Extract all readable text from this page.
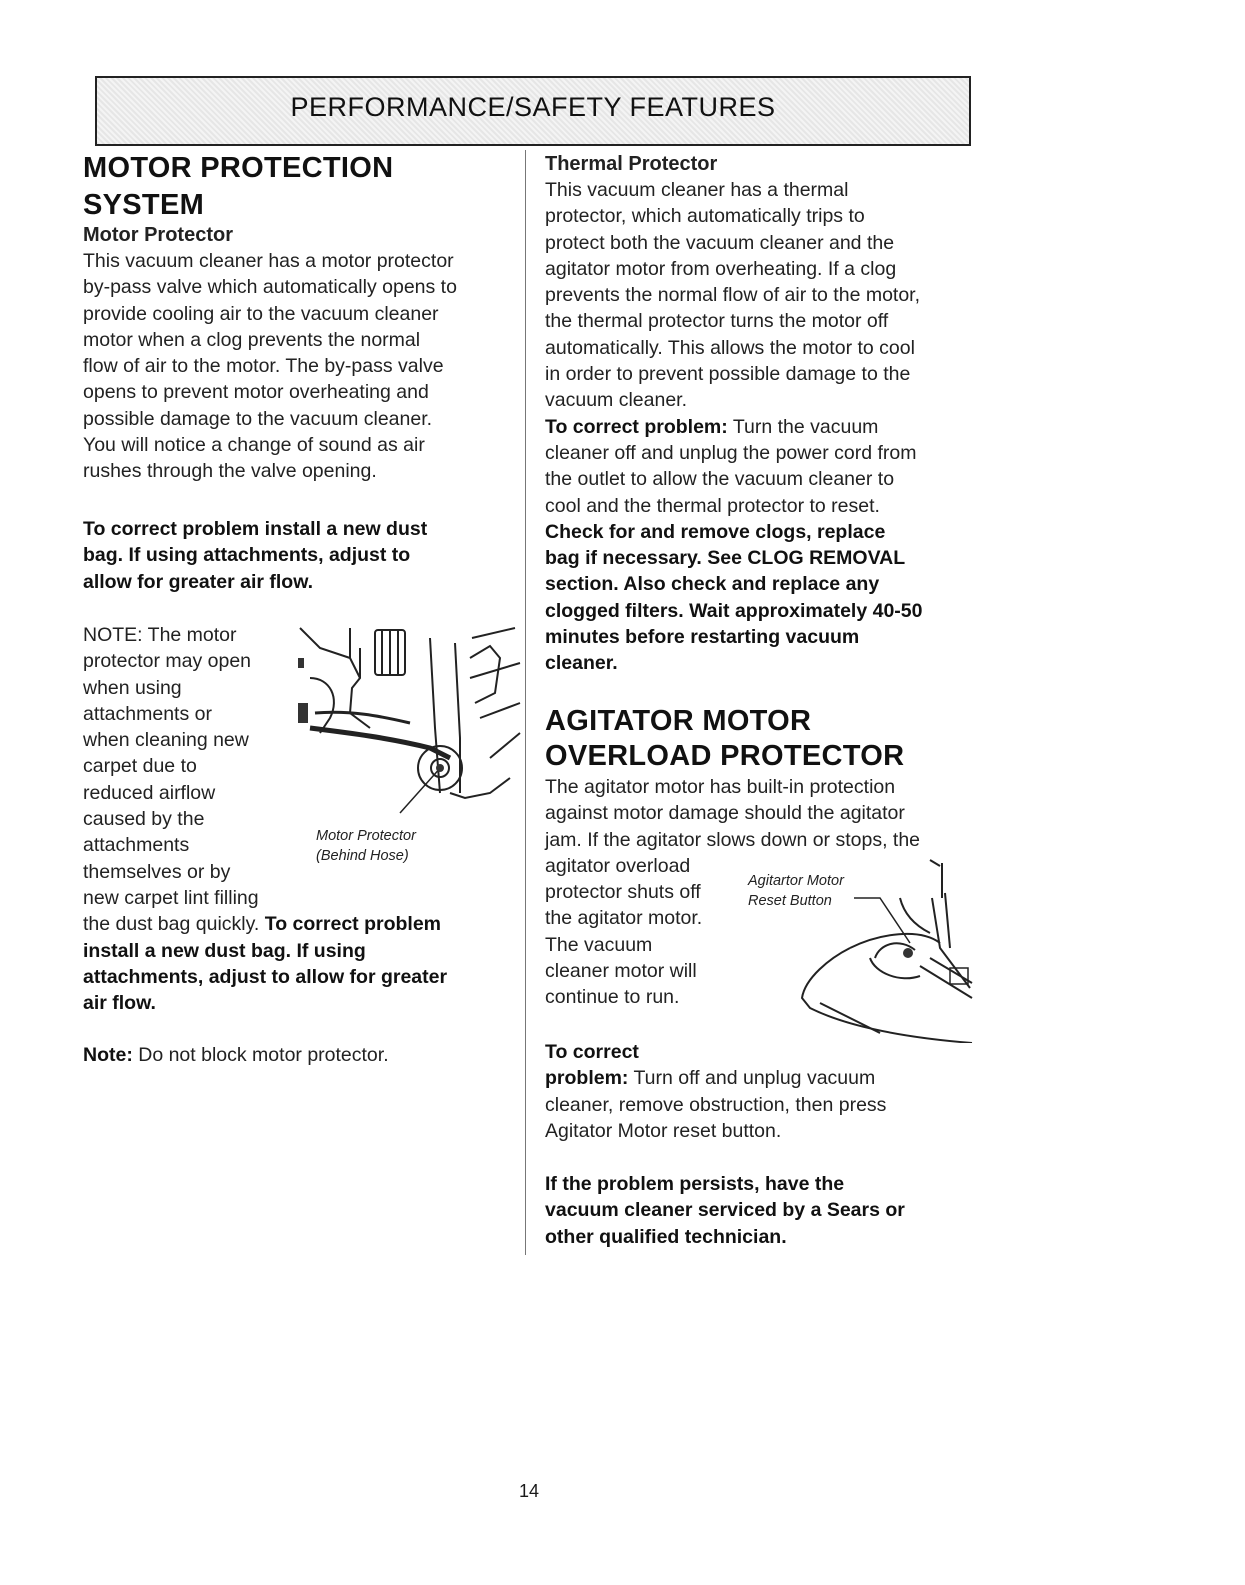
PERFORMANCE/SAFETY FEATURES
MOTOR PROTECTION
SYSTEM
Motor Protector
This vacuum cleaner has a motor protector
by-pass valve which automatically opens to
provide cooling air to the vacuum cleaner
motor when a clog prevents the normal
flow of air to the motor. The by-pass valve
opens to prevent motor overheating and
possible damage to the vacuum cleaner.
You will notice a change of sound as air
rushes through the valve opening.
To correct problem install a new dust
bag. If using attachments, adjust to
allow for greater air flow.
NOTE: The motor
protector may open
when using
attachments or
when cleaning new
carpet due to
reduced airflow
caused by the
attachments
themselves or by
new carpet lint filling
the dust bag quickly. To correct problem
install a new dust bag. If using
attachments, adjust to allow for greater
air flow.
Motor Protector
(Behind Hose)
Note: Do not block motor protector.
Thermal Protector
This vacuum cleaner has a thermal
protector, which automatically trips to
protect both the vacuum cleaner and the
agitator motor from overheating. If a clog
prevents the normal flow of air to the motor,
the thermal protector turns the motor off
automatically. This allows the motor to cool
in order to prevent possible damage to the
vacuum cleaner.
To correct problem: Turn the vacuum
cleaner off and unplug the power cord from
the outlet to allow the vacuum cleaner to
cool and the thermal protector to reset.
Check for and remove clogs, replace
bag if necessary. See CLOG REMOVAL
section. Also check and replace any
clogged filters. Wait approximately 40-50
minutes before restarting vacuum
cleaner.
AGITATOR MOTOR
OVERLOAD PROTECTOR
The agitator motor has built-in protection
against motor damage should the agitator
jam. If the agitator slows down or stops, the
agitator overload
protector shuts off
the agitator motor.
The vacuum
cleaner motor will
continue to run.
Agitartor Motor
Reset Button
To correct
problem: Turn off and unplug vacuum
cleaner, remove obstruction, then press
Agitator Motor reset button.
If the problem persists, have the
vacuum cleaner serviced by a Sears or
other qualified technician.
14
